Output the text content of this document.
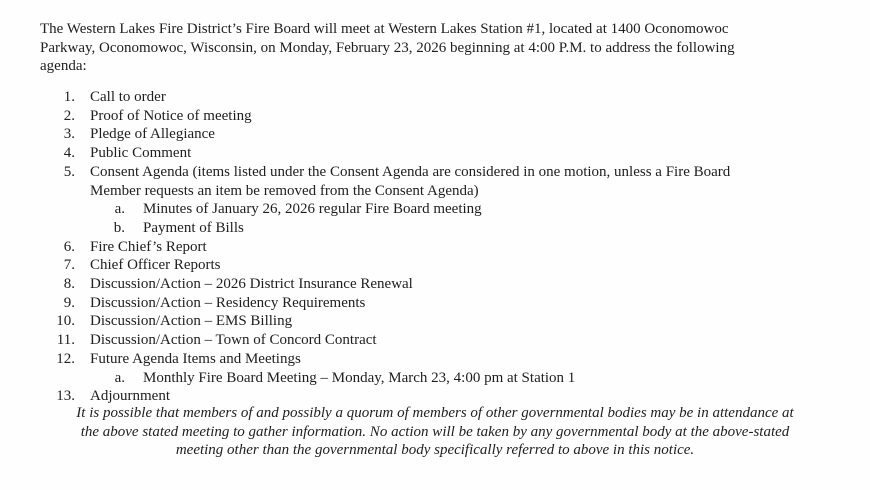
The Western Lakes Fire District’s Fire Board will meet at Western Lakes Station #1, located at 1400 Oconomowoc
Parkway, Oconomowoc, Wisconsin, on Monday, February 23, 2026 beginning at 4:00 P.M. to address the following
agenda:
1. Call to order
2. Proof of Notice of meeting
3. Pledge of Allegiance
4. Public Comment
5. Consent Agenda (items listed under the Consent Agenda are considered in one motion, unless a Fire Board
Member requests an item be removed from the Consent Agenda)
a. Minutes of January 26, 2026 regular Fire Board meeting
b. Payment of Bills
6. Fire Chief’s Report
7. Chief Officer Reports
8. Discussion/Action – 2026 District Insurance Renewal
9. Discussion/Action – Residency Requirements
10. Discussion/Action – EMS Billing
11. Discussion/Action – Town of Concord Contract
12. Future Agenda Items and Meetings
a. Monthly Fire Board Meeting – Monday, March 23, 4:00 pm at Station 1
13. Adjournment
It is possible that members of and possibly a quorum of members of other governmental bodies may be in attendance at
the above stated meeting to gather information. No action will be taken by any governmental body at the above-stated
meeting other than the governmental body specifically referred to above in this notice.
